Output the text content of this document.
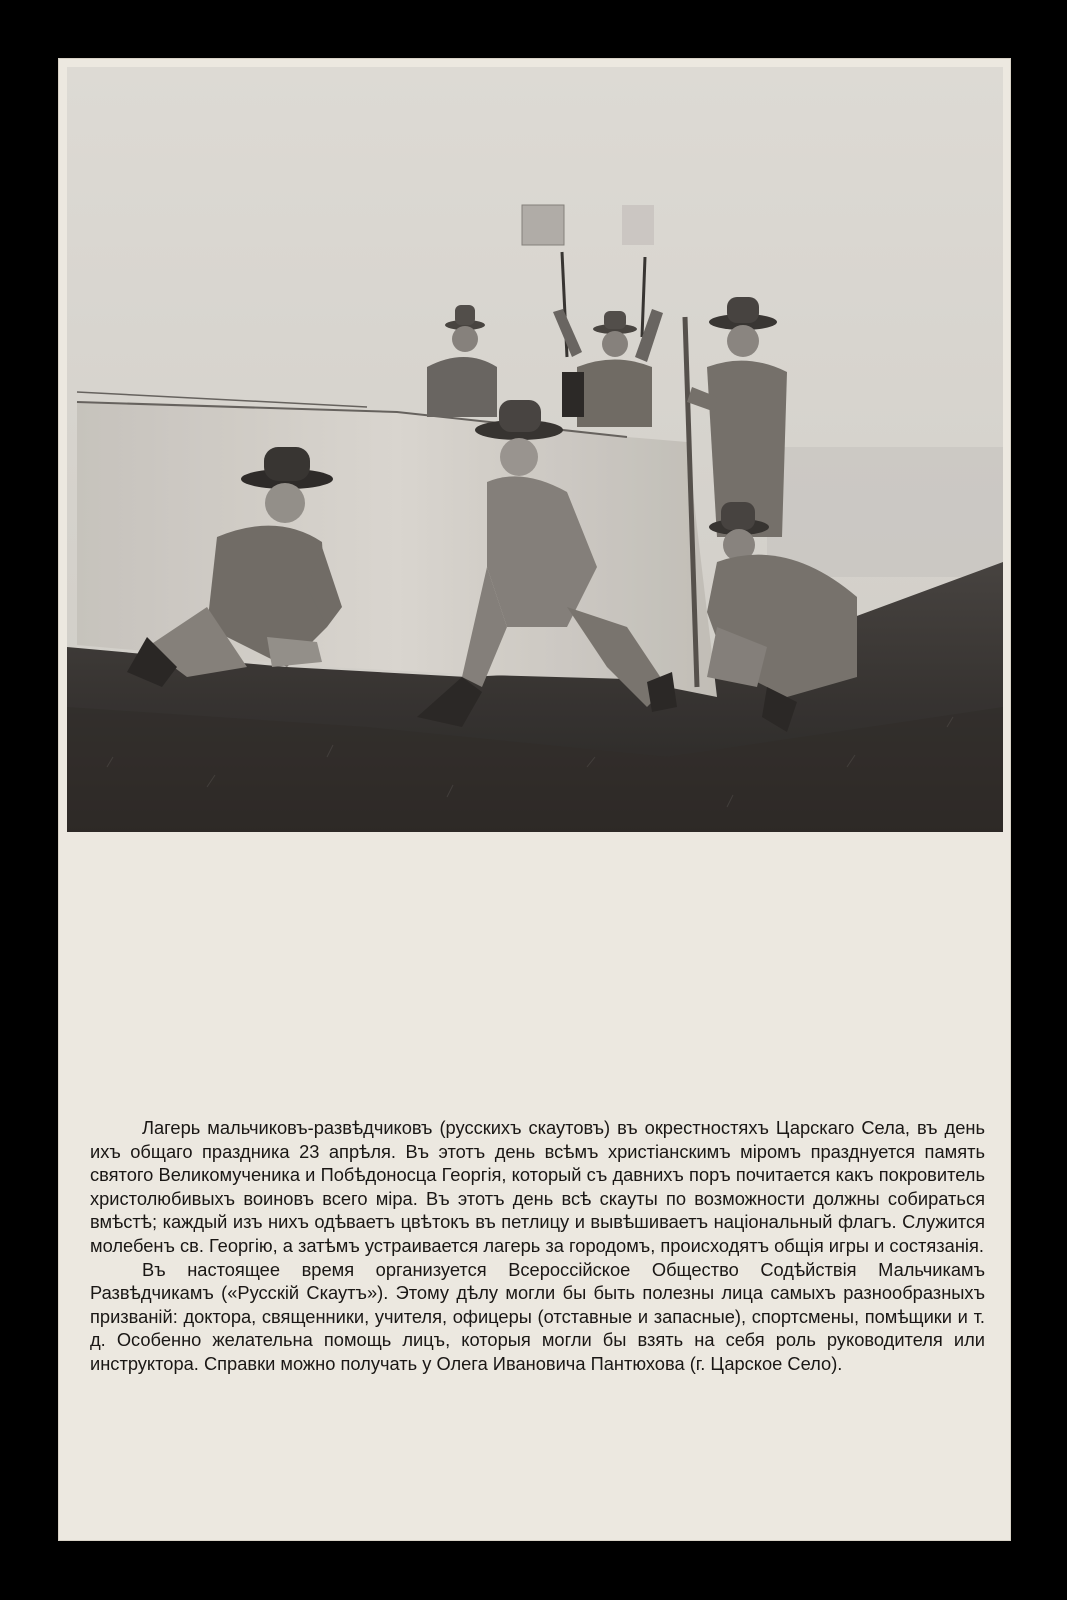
Лагерь мальчиковъ-развѣдчиковъ (русскихъ скаутовъ) въ окрестностяхъ Царскаго Села, въ день ихъ общаго праздника 23 апрѣля. Въ этотъ день всѣмъ христіанскимъ міромъ празднуется память святого Великомученика и Побѣдоносца Георгія, который съ давнихъ поръ почитается какъ покровитель христолюбивыхъ воиновъ всего міра. Въ этотъ день всѣ скауты по возможности должны собираться вмѣстѣ; каждый изъ нихъ одѣваетъ цвѣтокъ въ петлицу и вывѣшиваетъ національный флагъ. Служится молебенъ св. Георгію, а затѣмъ устраивается лагерь за городомъ, происходятъ общія игры и состязанія.

Въ настоящее время организуется Всероссійское Общество Содѣйствія Мальчикамъ Развѣдчикамъ («Русскій Скаутъ»). Этому дѣлу могли бы быть полезны лица самыхъ разнообразныхъ призваній: доктора, священники, учителя, офицеры (отставные и запасные), спортсмены, помѣщики и т. д. Особенно желательна помощь лицъ, которыя могли бы взять на себя роль руководителя или инструктора. Справки можно получать у Олега Ивановича Пантюхова (г. Царское Село).
